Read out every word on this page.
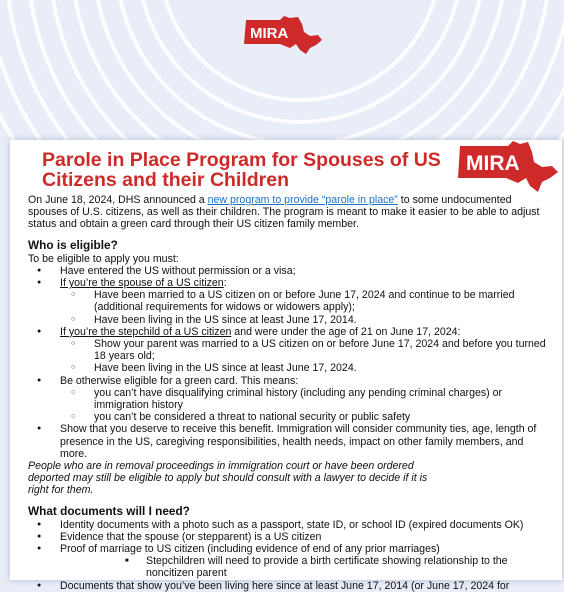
MIRA
Parole in Place Program for Spouses of US Citizens and their Children
MIRA

On June 18, 2024, DHS announced a new program to provide “parole in place” to some undocumented spouses of U.S. citizens, as well as their children. The program is meant to make it easier to be able to adjust status and obtain a green card through their US citizen family member.

Who is eligible?

To be eligible to apply you must:

● Have entered the US without permission or a visa;
● If you’re the spouse of a US citizen:
○ Have been married to a US citizen on or before June 17, 2024 and continue to be married (additional requirements for widows or widowers apply);
○ Have been living in the US since at least June 17, 2014.
● If you’re the stepchild of a US citizen and were under the age of 21 on June 17, 2024:
○ Show your parent was married to a US citizen on or before June 17, 2024 and before you turned 18 years old;
○ Have been living in the US since at least June 17, 2024.
● Be otherwise eligible for a green card. This means:
○ you can’t have disqualifying criminal history (including any pending criminal charges) or immigration history
○ you can’t be considered a threat to national security or public safety
● Show that you deserve to receive this benefit. Immigration will consider community ties, age, length of presence in the US, caregiving responsibilities, health needs, impact on other family members, and more.

People who are in removal proceedings in immigration court or have been ordered deported may still be eligible to apply but should consult with a lawyer to decide if it is right for them.

What documents will I need?
● Identity documents with a photo such as a passport, state ID, or school ID (expired documents OK)
● Evidence that the spouse (or stepparent) is a US citizen
● Proof of marriage to US citizen (including evidence of end of any prior marriages)
■ Stepchildren will need to provide a birth certificate showing relationship to the noncitizen parent
● Documents that show you’ve been living here since at least June 17, 2014 (or June 17, 2024 for
